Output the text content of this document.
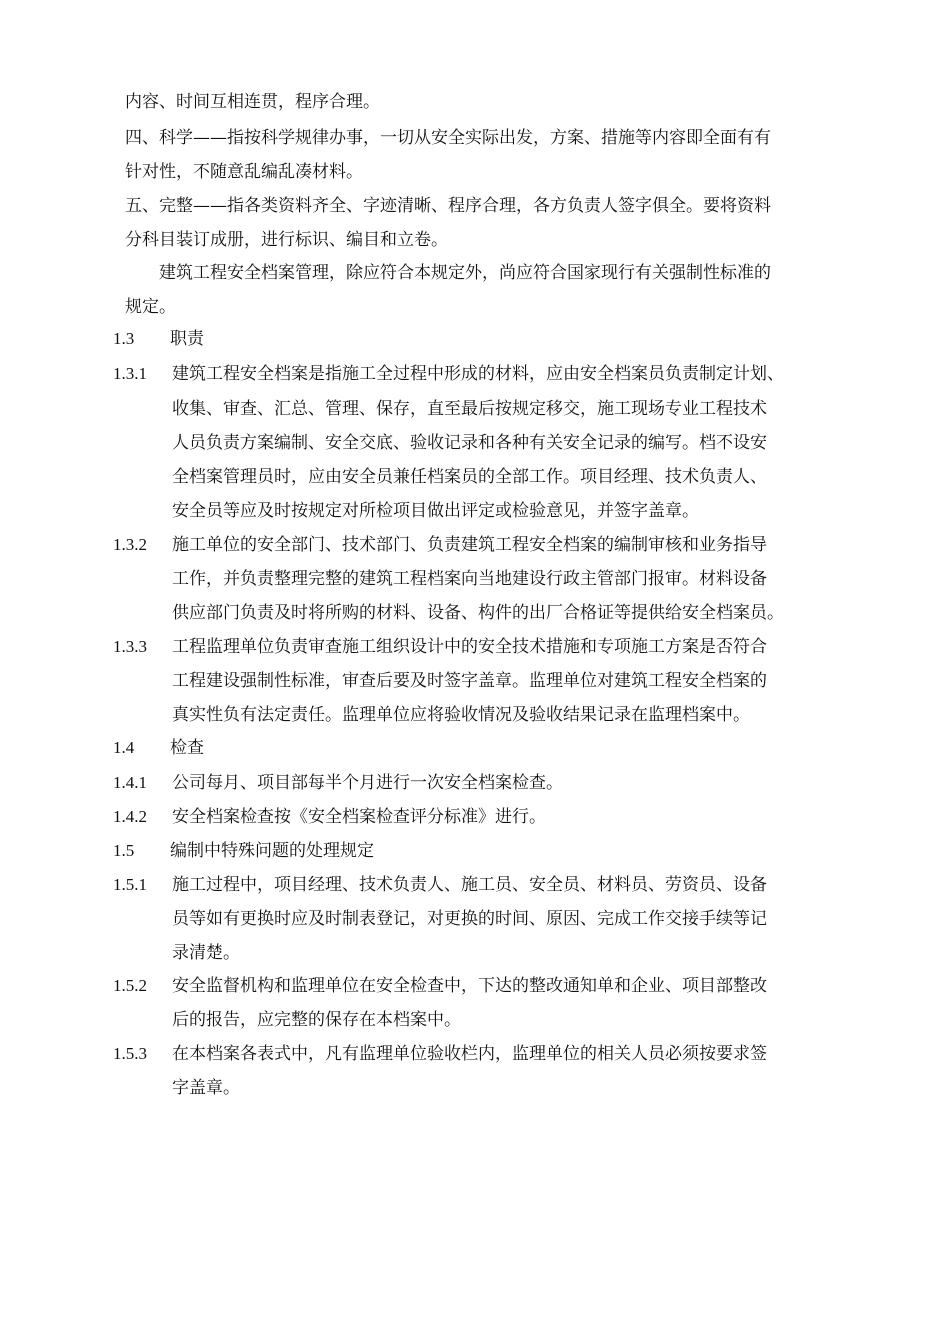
内容、时间互相连贯，程序合理。
四、科学——指按科学规律办事，一切从安全实际出发，方案、措施等内容即全面有有
针对性，不随意乱编乱凑材料。
五、完整——指各类资料齐全、字迹清晰、程序合理，各方负责人签字俱全。要将资料
分科目装订成册，进行标识、编目和立卷。
建筑工程安全档案管理，除应符合本规定外，尚应符合国家现行有关强制性标准的
规定。
1.3 职责
1.3.1 建筑工程安全档案是指施工全过程中形成的材料，应由安全档案员负责制定计划、
收集、审查、汇总、管理、保存，直至最后按规定移交，施工现场专业工程技术
人员负责方案编制、安全交底、验收记录和各种有关安全记录的编写。档不设安
全档案管理员时，应由安全员兼任档案员的全部工作。项目经理、技术负责人、
安全员等应及时按规定对所检项目做出评定或检验意见，并签字盖章。
1.3.2 施工单位的安全部门、技术部门、负责建筑工程安全档案的编制审核和业务指导
工作，并负责整理完整的建筑工程档案向当地建设行政主管部门报审。材料设备
供应部门负责及时将所购的材料、设备、构件的出厂合格证等提供给安全档案员。
1.3.3 工程监理单位负责审查施工组织设计中的安全技术措施和专项施工方案是否符合
工程建设强制性标准，审查后要及时签字盖章。监理单位对建筑工程安全档案的
真实性负有法定责任。监理单位应将验收情况及验收结果记录在监理档案中。
1.4 检查
1.4.1 公司每月、项目部每半个月进行一次安全档案检查。
1.4.2 安全档案检查按《安全档案检查评分标准》进行。
1.5 编制中特殊问题的处理规定
1.5.1 施工过程中，项目经理、技术负责人、施工员、安全员、材料员、劳资员、设备
员等如有更换时应及时制表登记，对更换的时间、原因、完成工作交接手续等记
录清楚。
1.5.2 安全监督机构和监理单位在安全检查中，下达的整改通知单和企业、项目部整改
后的报告，应完整的保存在本档案中。
1.5.3 在本档案各表式中，凡有监理单位验收栏内，监理单位的相关人员必须按要求签
字盖章。
